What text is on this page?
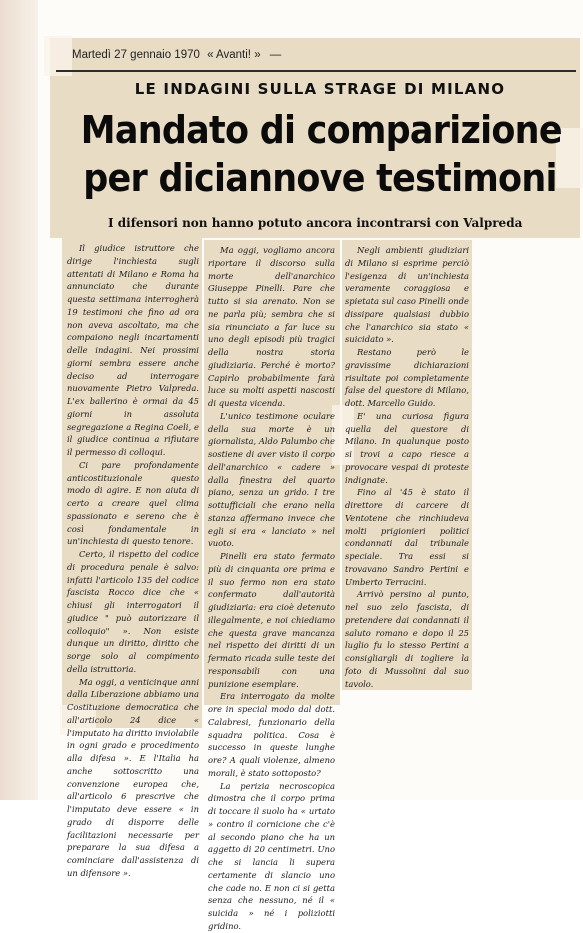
Martedì 27 gennaio 1970 « Avanti! » —
LE INDAGINI SULLA STRAGE DI MILANO
Mandato di comparizione
per diciannove testimoni
I difensori non hanno potuto ancora incontrarsi con Valpreda

Il giudice istruttore che dirige l'inchiesta sugli attentati di Milano e Roma ha annunciato che durante questa settimana interrogherà 19 testimoni che fino ad ora non aveva ascoltato, ma che compaiono negli incartamenti delle indagini. Nei prossimi giorni sembra essere anche deciso ad interrogare nuovamente Pietro Valpreda. L'ex ballerino è ormai da 45 giorni in assoluta segregazione a Regina Coeli, e il giudice continua a rifiutare il permesso di colloqui.

Ci pare profondamente anticostituzionale questo modo di agire. E non aiuta di certo a creare quel clima spassionato e sereno che è così fondamentale in un'inchiesta di questo tenore.

Certo, il rispetto del codice di procedura penale è salvo: infatti l'articolo 135 del codice fascista Rocco dice che « chiusi gli interrogatori il giudice " può autorizzare il colloquio" ». Non esiste dunque un diritto, diritto che sorge solo al compimento della istruttoria.

Ma oggi, a venticinque anni dalla Liberazione abbiamo una Costituzione democratica che all'articolo 24 dice « l'imputato ha diritto inviolabile in ogni grado e procedimento alla difesa ». E l'Italia ha anche sottoscritto una convenzione europea che, all'articolo 6 prescrive che l'imputato deve essere « in grado di disporre delle facilitazioni necessarie per preparare la sua difesa a cominciare dall'assistenza di un difensore ».

Ma oggi, vogliamo ancora riportare il discorso sulla morte dell'anarchico Giuseppe Pinelli. Pare che tutto si sia arenato. Non se ne parla più; sembra che si sia rinunciato a far luce su uno degli episodi più tragici della nostra storia giudiziaria. Perché è morto? Capirlo probabilmente farà luce su molti aspetti nascosti di questa vicenda.

L'unico testimone oculare della sua morte è un giornalista, Aldo Palumbo che sostiene di aver visto il corpo dell'anarchico « cadere » dalla finestra del quarto piano, senza un grido. I tre sottufficiali che erano nella stanza affermano invece che egli si era « lanciato » nel vuoto.

Pinelli era stato fermato più di cinquanta ore prima e il suo fermo non era stato confermato dall'autorità giudiziaria: era cioè detenuto illegalmente, e noi chiediamo che questa grave mancanza nel rispetto dei diritti di un fermato ricada sulle teste dei responsabili con una punizione esemplare.

Era interrogato da molte ore in special modo dal dott. Calabresi, funzionario della squadra politica. Cosa è successo in queste lunghe ore? A quali violenze, almeno morali, è stato sottoposto?

La perizia necroscopica dimostra che il corpo prima di toccare il suolo ha « urtato » contro il cornicione che c'è al secondo piano che ha un aggetto di 20 centimetri. Uno che si lancia li supera certamente di slancio uno che cade no. E non ci si getta senza che nessuno, né il « suicida » né i poliziotti gridino.

Negli ambienti giudiziari di Milano si esprime perciò l'esigenza di un'inchiesta veramente coraggiosa e spietata sul caso Pinelli onde dissipare qualsiasi dubbio che l'anarchico sia stato « suicidato ».

Restano però le gravissime dichiarazioni risultate poi completamente false del questore di Milano, dott. Marcello Guido.

E' una curiosa figura quella del questore di Milano. In qualunque posto si trovi a capo riesce a provocare vespai di proteste indignate.

Fino al '45 è stato il direttore di carcere di Ventotene che rinchiudeva molti prigionieri politici condannati dal tribunale speciale. Tra essi si trovavano Sandro Pertini e Umberto Terracini.

Arrivò persino al punto, nel suo zelo fascista, di pretendere dai condannati il saluto romano e dopo il 25 luglio fu lo stesso Pertini a consigliargli di togliere la foto di Mussolini dal suo tavolo.
